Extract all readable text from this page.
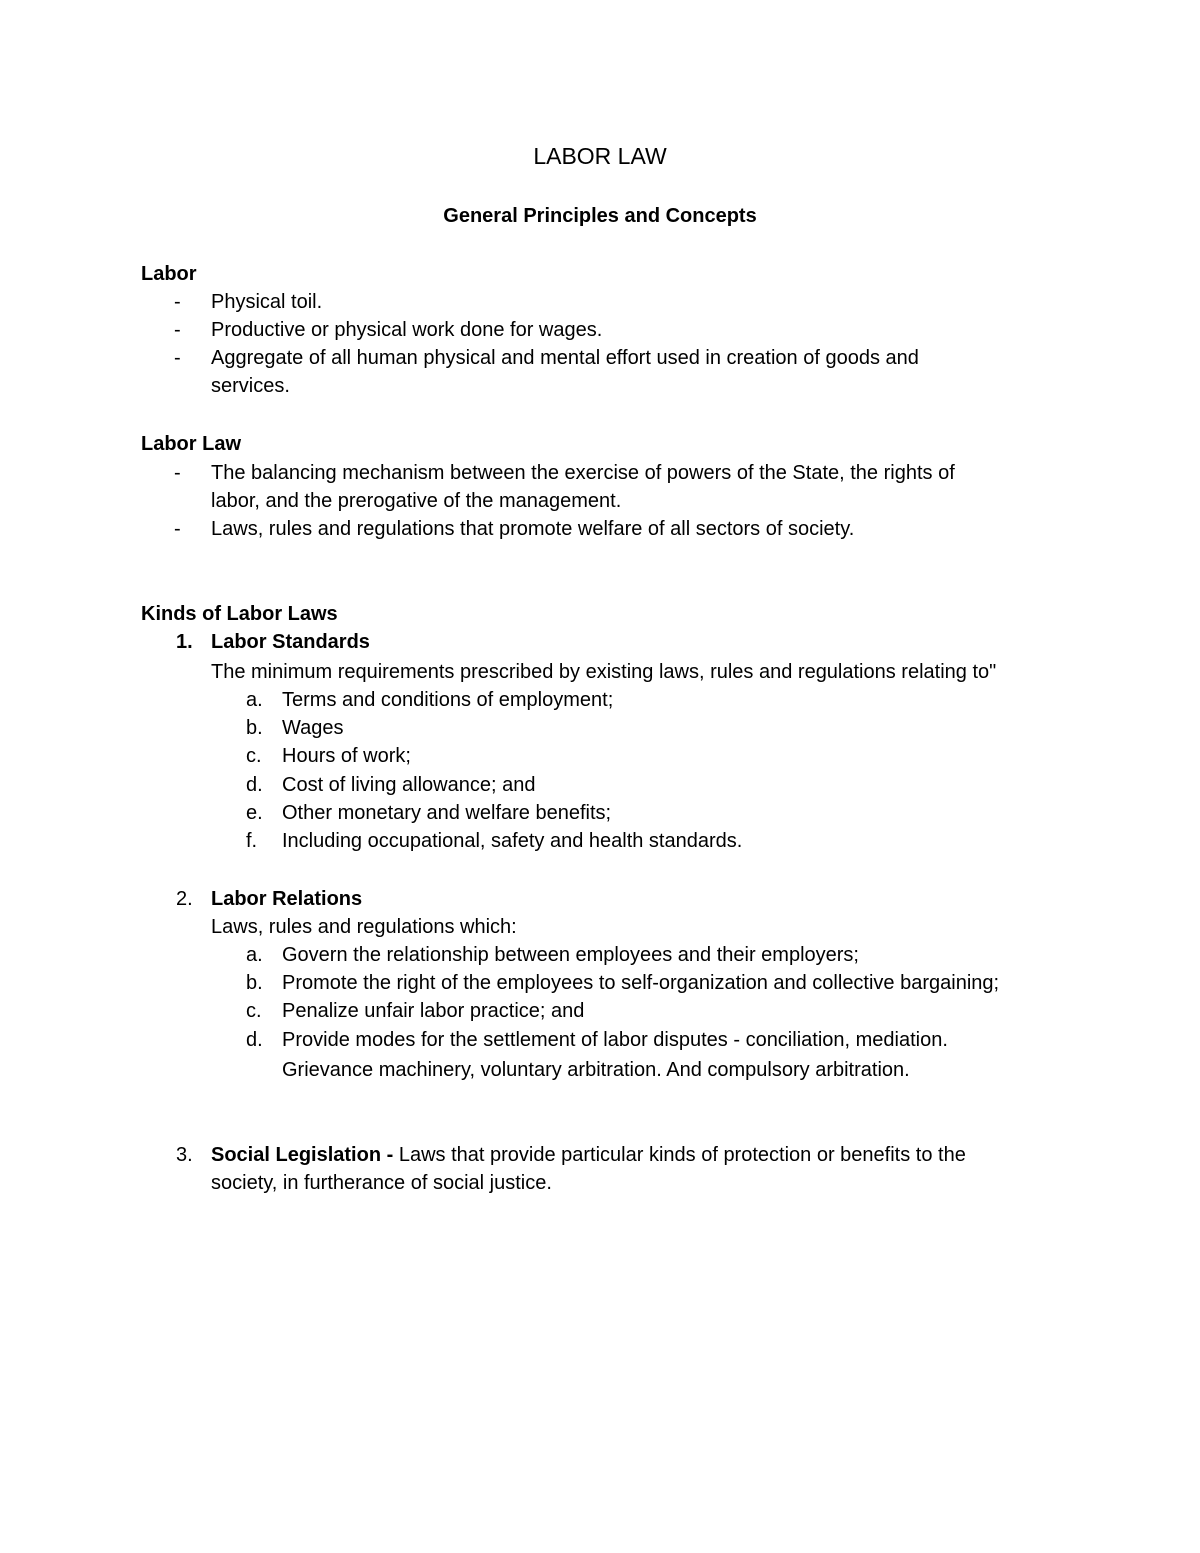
LABOR LAW
General Principles and Concepts
Labor
- Physical toil.
- Productive or physical work done for wages.
- Aggregate of all human physical and mental effort used in creation of goods and
services.
Labor Law
- The balancing mechanism between the exercise of powers of the State, the rights of
labor, and the prerogative of the management.
- Laws, rules and regulations that promote welfare of all sectors of society.
Kinds of Labor Laws
1. Labor Standards
The minimum requirements prescribed by existing laws, rules and regulations relating to"
a. Terms and conditions of employment;
b. Wages
c. Hours of work;
d. Cost of living allowance; and
e. Other monetary and welfare benefits;
f. Including occupational, safety and health standards.
2. Labor Relations
Laws, rules and regulations which:
a. Govern the relationship between employees and their employers;
b. Promote the right of the employees to self-organization and collective bargaining;
c. Penalize unfair labor practice; and
d. Provide modes for the settlement of labor disputes - conciliation, mediation.
Grievance machinery, voluntary arbitration. And compulsory arbitration.
3. Social Legislation - Laws that provide particular kinds of protection or benefits to the
society, in furtherance of social justice.
